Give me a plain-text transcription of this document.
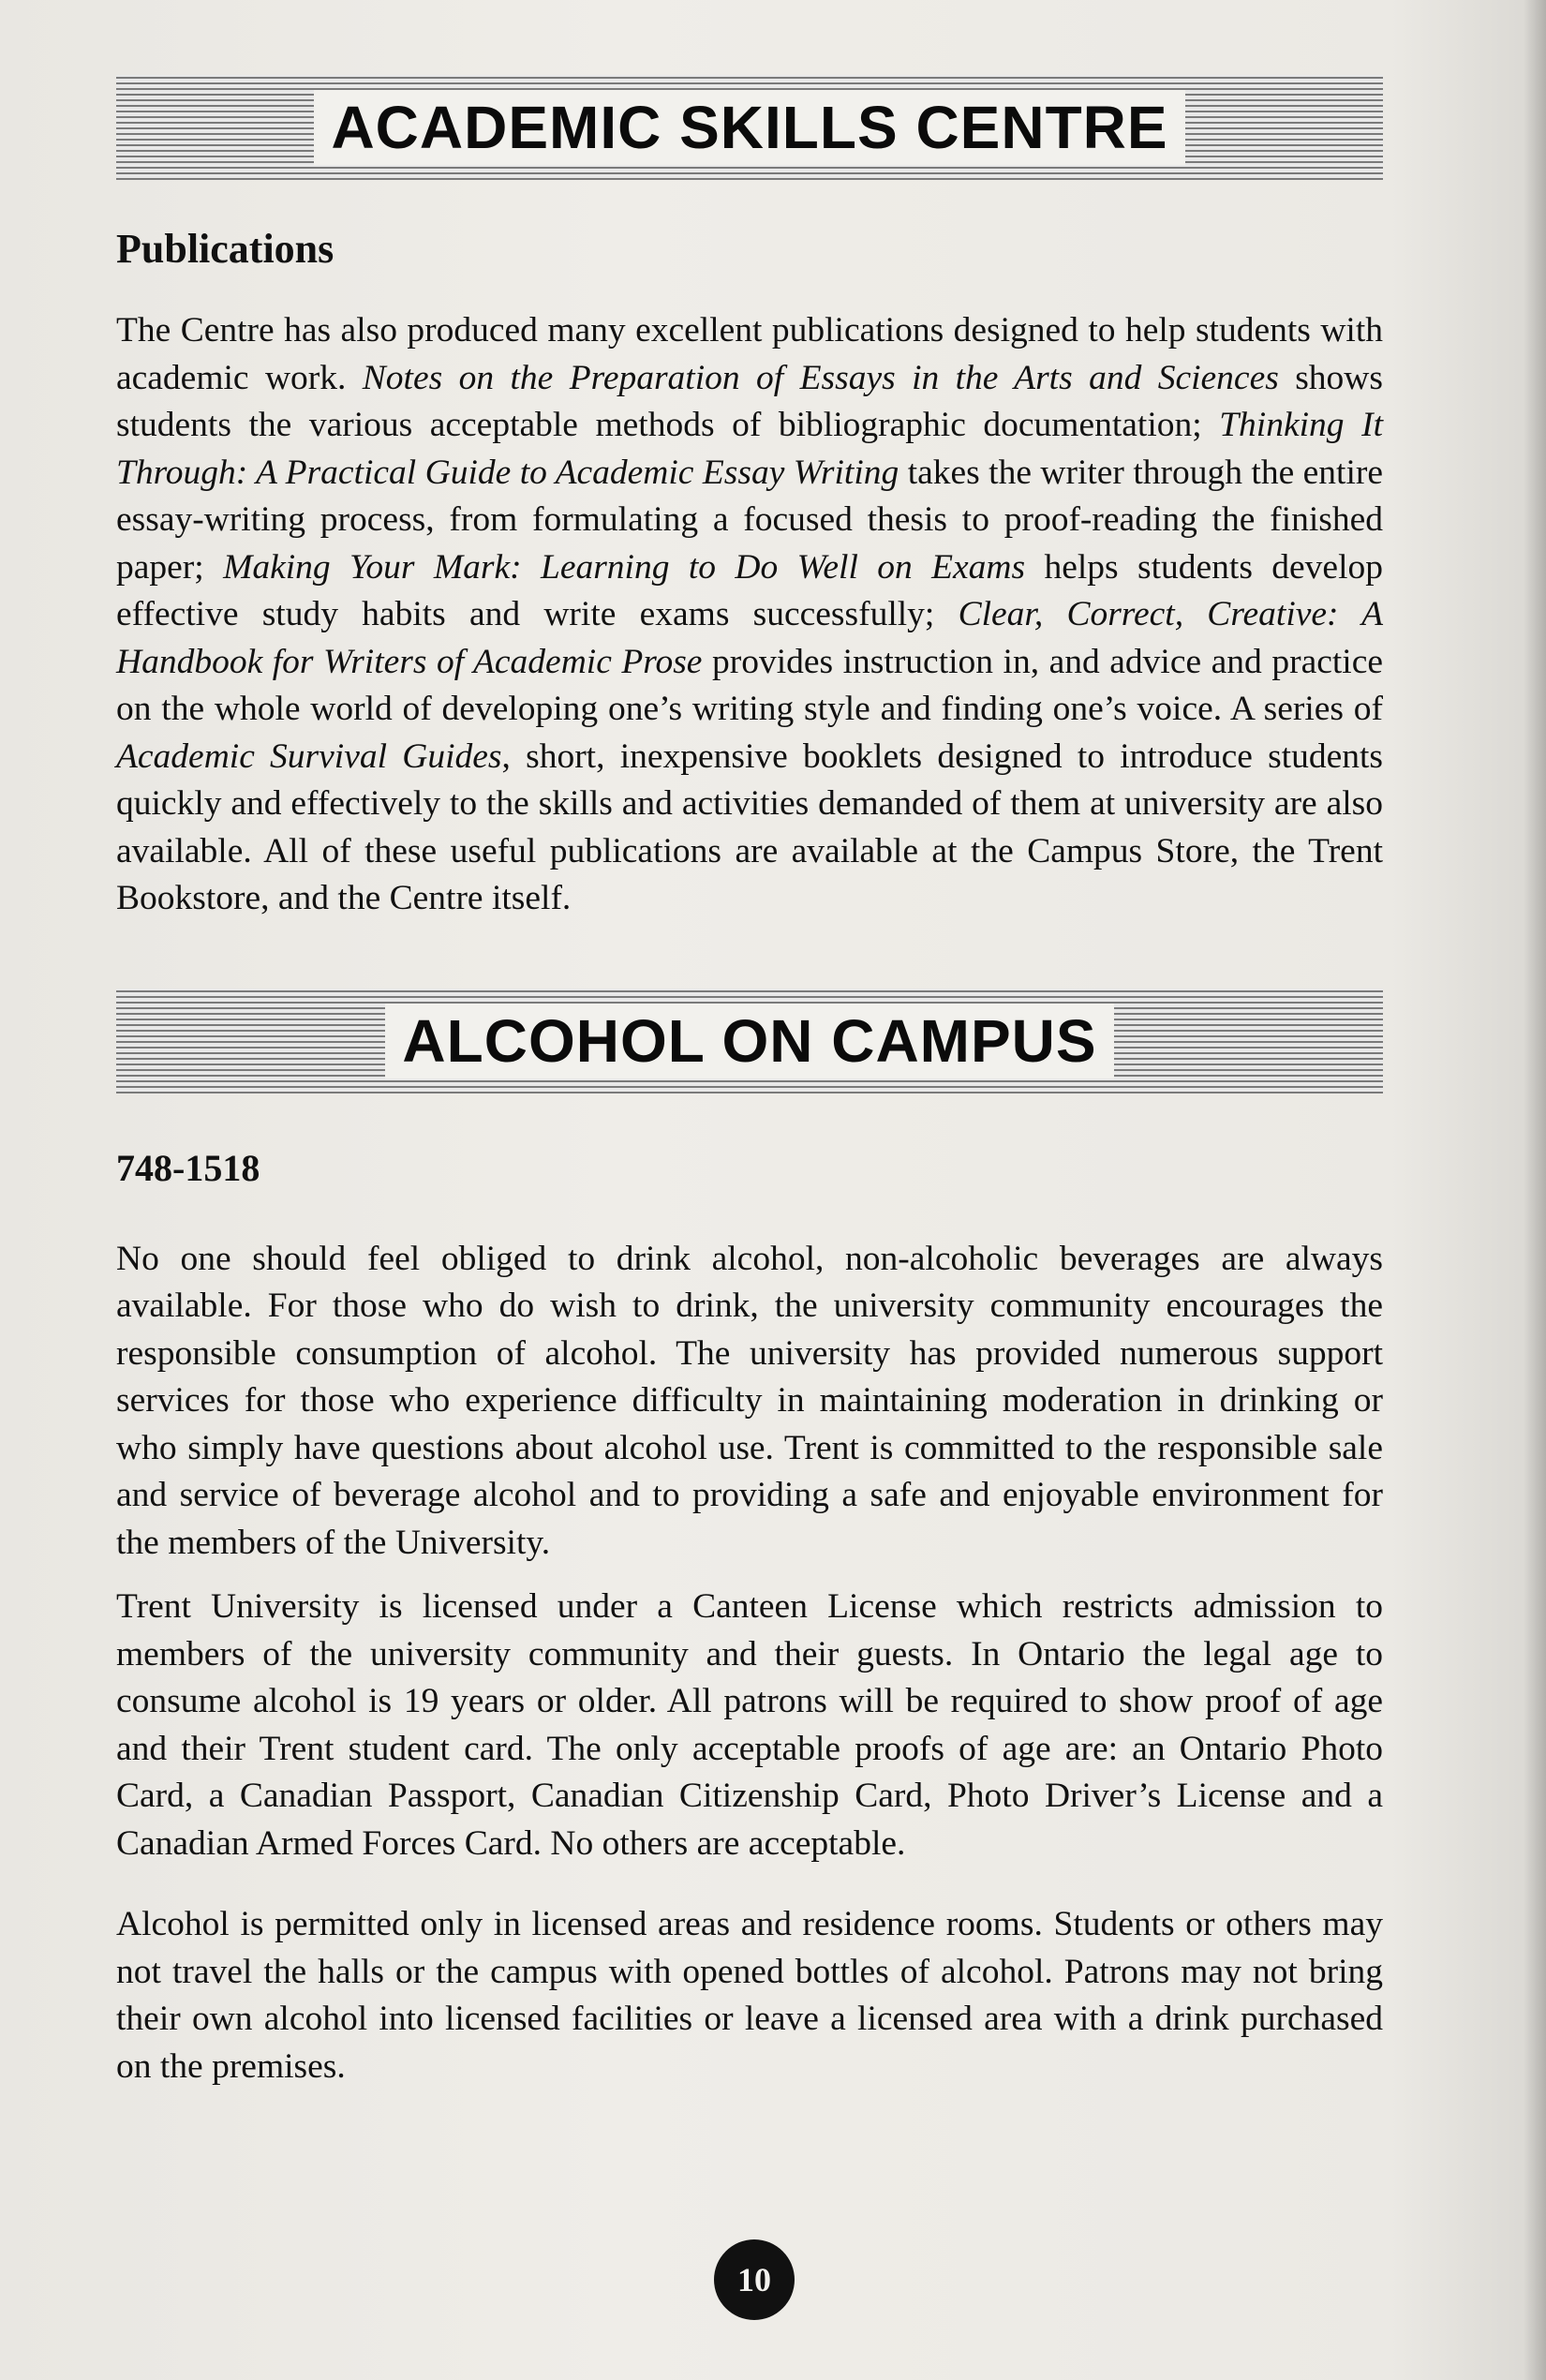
ACADEMIC SKILLS CENTRE
Publications

The Centre has also produced many excellent publications designed to help students with academic work. Notes on the Preparation of Essays in the Arts and Sciences shows students the various acceptable methods of bibliographic documentation; Thinking It Through: A Practical Guide to Academic Essay Writing takes the writer through the entire essay-writing process, from formulating a focused thesis to proof-reading the finished paper; Making Your Mark: Learning to Do Well on Exams helps students develop effective study habits and write exams successfully; Clear, Correct, Creative: A Handbook for Writers of Academic Prose provides instruction in, and advice and practice on the whole world of developing one’s writing style and finding one’s voice. A series of Academic Survival Guides, short, inexpensive booklets designed to introduce students quickly and effectively to the skills and activities demanded of them at university are also available. All of these useful publications are available at the Campus Store, the Trent Bookstore, and the Centre itself.

ALCOHOL ON CAMPUS
748-1518

No one should feel obliged to drink alcohol, non-alcoholic beverages are always available. For those who do wish to drink, the university community encourages the responsible consumption of alcohol. The university has provided numerous support services for those who experience difficulty in maintaining moderation in drinking or who simply have questions about alcohol use. Trent is committed to the responsible sale and service of beverage alcohol and to providing a safe and enjoyable environment for the members of the University.

Trent University is licensed under a Canteen License which restricts admission to members of the university community and their guests. In Ontario the legal age to consume alcohol is 19 years or older. All patrons will be required to show proof of age and their Trent student card. The only acceptable proofs of age are: an Ontario Photo Card, a Canadian Passport, Canadian Citizenship Card, Photo Driver’s License and a Canadian Armed Forces Card. No others are acceptable.

Alcohol is permitted only in licensed areas and residence rooms. Students or others may not travel the halls or the campus with opened bottles of alcohol. Patrons may not bring their own alcohol into licensed facilities or leave a licensed area with a drink purchased on the premises.

10
